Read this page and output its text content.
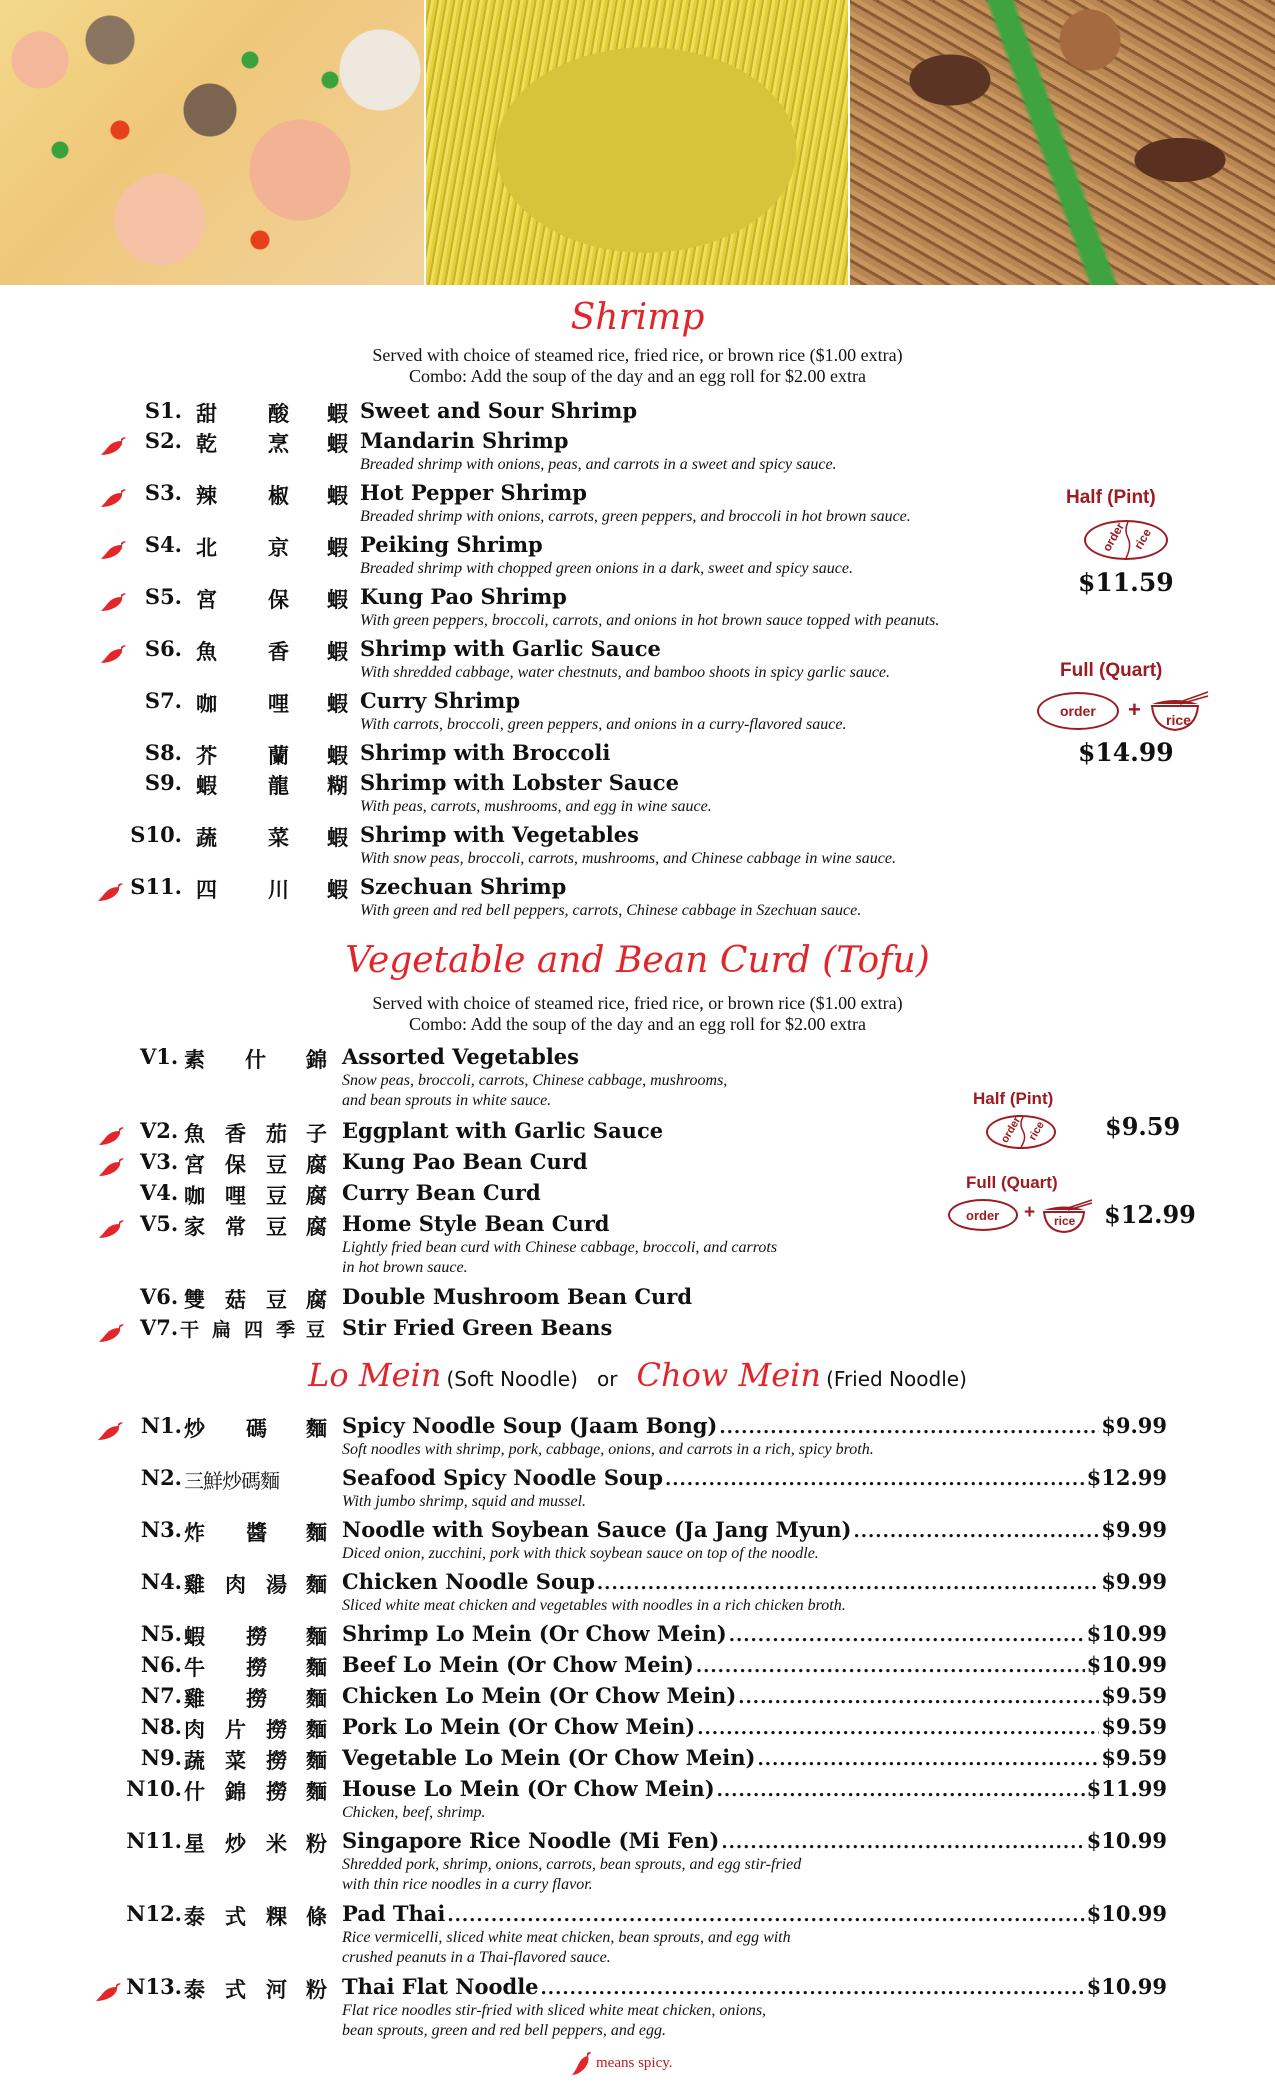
Shrimp
Served with choice of steamed rice, fried rice, or brown rice ($1.00 extra)
Combo: Add the soup of the day and an egg roll for $2.00 extra
S1. 甜 酸 蝦 Sweet and Sour Shrimp
S2. 乾 烹 蝦 Mandarin Shrimp
Breaded shrimp with onions, peas, and carrots in a sweet and spicy sauce.
S3. 辣 椒 蝦 Hot Pepper Shrimp
Breaded shrimp with onions, carrots, green peppers, and broccoli in hot brown sauce.
S4. 北 京 蝦 Peiking Shrimp
Breaded shrimp with chopped green onions in a dark, sweet and spicy sauce.
S5. 宮 保 蝦 Kung Pao Shrimp
With green peppers, broccoli, carrots, and onions in hot brown sauce topped with peanuts.
S6. 魚 香 蝦 Shrimp with Garlic Sauce
With shredded cabbage, water chestnuts, and bamboo shoots in spicy garlic sauce.
S7. 咖 哩 蝦 Curry Shrimp
With carrots, broccoli, green peppers, and onions in a curry-flavored sauce.
S8. 芥 蘭 蝦 Shrimp with Broccoli
S9. 蝦 龍 糊 Shrimp with Lobster Sauce
With peas, carrots, mushrooms, and egg in wine sauce.
S10. 蔬 菜 蝦 Shrimp with Vegetables
With snow peas, broccoli, carrots, mushrooms, and Chinese cabbage in wine sauce.
S11. 四 川 蝦 Szechuan Shrimp
With green and red bell peppers, carrots, Chinese cabbage in Szechuan sauce.
Half (Pint)
order rice
$11.59
Full (Quart)
order + rice
$14.99
Vegetable and Bean Curd (Tofu)
Served with choice of steamed rice, fried rice, or brown rice ($1.00 extra)
Combo: Add the soup of the day and an egg roll for $2.00 extra
V1. 素 什 錦 Assorted Vegetables
Snow peas, broccoli, carrots, Chinese cabbage, mushrooms,
and bean sprouts in white sauce.
V2. 魚 香 茄 子 Eggplant with Garlic Sauce
V3. 宮 保 豆 腐 Kung Pao Bean Curd
V4. 咖 哩 豆 腐 Curry Bean Curd
V5. 家 常 豆 腐 Home Style Bean Curd
Lightly fried bean curd with Chinese cabbage, broccoli, and carrots
in hot brown sauce.
V6. 雙 菇 豆 腐 Double Mushroom Bean Curd
V7. 干 扁 四 季 豆 Stir Fried Green Beans
Half (Pint)
order rice $9.59
Full (Quart)
order + rice $12.99
Lo Mein (Soft Noodle) or Chow Mein (Fried Noodle)
N1. 炒 碼 麵 Spicy Noodle Soup (Jaam Bong) .....	$9.99
Soft noodles with shrimp, pork, cabbage, onions, and carrots in a rich, spicy broth.
N2. 三鮮炒碼麵	Seafood Spicy Noodle Soup .....	$12.99
With jumbo shrimp, squid and mussel.
N3. 炸 醬 麵 Noodle with Soybean Sauce (Ja Jang Myun) .....	$9.99
Diced onion, zucchini, pork with thick soybean sauce on top of the noodle.
N4. 雞 肉 湯 麵 Chicken Noodle Soup .....	$9.99
Sliced white meat chicken and vegetables with noodles in a rich chicken broth.
N5. 蝦 撈 麵 Shrimp Lo Mein (Or Chow Mein) .....	$10.99
N6. 牛 撈 麵 Beef Lo Mein (Or Chow Mein) .....	$10.99
N7. 雞 撈 麵 Chicken Lo Mein (Or Chow Mein) .....	$9.59
N8. 肉 片 撈 麵 Pork Lo Mein (Or Chow Mein) .....	$9.59
N9. 蔬 菜 撈 麵 Vegetable Lo Mein (Or Chow Mein) .....	$9.59
N10. 什 錦 撈 麵 House Lo Mein (Or Chow Mein) .....	$11.99
Chicken, beef, shrimp.
N11. 星 炒 米 粉 Singapore Rice Noodle (Mi Fen) .....	$10.99
Shredded pork, shrimp, onions, carrots, bean sprouts, and egg stir-fried
with thin rice noodles in a curry flavor.
N12. 泰 式 粿 條 Pad Thai .....	$10.99
Rice vermicelli, sliced white meat chicken, bean sprouts, and egg with
crushed peanuts in a Thai-flavored sauce.
N13. 泰 式 河 粉 Thai Flat Noodle .....	$10.99
Flat rice noodles stir-fried with sliced white meat chicken, onions,
bean sprouts, green and red bell peppers, and egg.
means spicy.
